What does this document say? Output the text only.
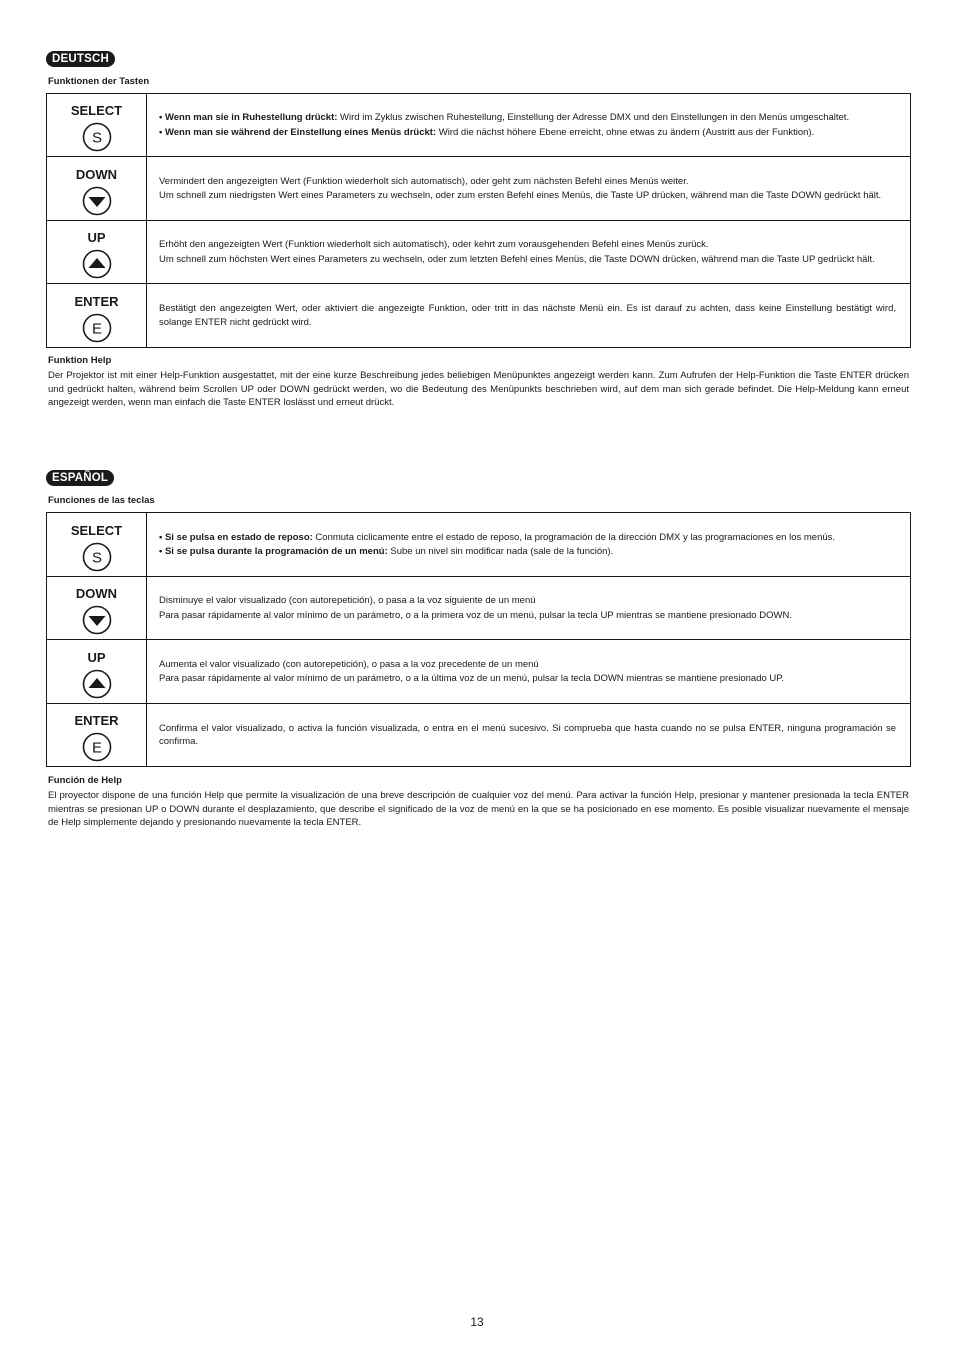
DEUTSCH
Funktionen der Tasten
SELECT
S	• Wenn man sie in Ruhestellung drückt: Wird im Zyklus zwischen Ruhestellung, Einstellung der Adresse DMX und den Einstellungen in den Menüs umgeschaltet.
• Wenn man sie während der Einstellung eines Menüs drückt: Wird die nächst höhere Ebene erreicht, ohne etwas zu ändern (Austritt aus der Funktion).

DOWN	Vermindert den angezeigten Wert (Funktion wiederholt sich automatisch), oder geht zum nächsten Befehl eines Menüs weiter.
Um schnell zum niedrigsten Wert eines Parameters zu wechseln, oder zum ersten Befehl eines Menüs, die Taste UP drücken, während man die Taste DOWN gedrückt hält.

UP	Erhöht den angezeigten Wert (Funktion wiederholt sich automatisch), oder kehrt zum vorausgehenden Befehl eines Menüs zurück.
Um schnell zum höchsten Wert eines Parameters zu wechseln, oder zum letzten Befehl eines Menüs, die Taste DOWN drücken, während man die Taste UP gedrückt hält.

ENTER
E	Bestätigt den angezeigten Wert, oder aktiviert die angezeigte Funktion, oder tritt in das nächste Menü ein. Es ist darauf zu achten, dass keine Einstellung bestätigt wird, solange ENTER nicht gedrückt wird.
Funktion Help
Der Projektor ist mit einer Help-Funktion ausgestattet, mit der eine kurze Beschreibung jedes beliebigen Menüpunktes angezeigt werden kann. Zum Aufrufen der Help-Funktion die Taste ENTER drücken und gedrückt halten, während beim Scrollen UP oder DOWN gedrückt werden, wo die Bedeutung des Menüpunkts beschrieben wird, auf dem man sich gerade befindet. Die Help-Meldung kann erneut angezeigt werden, wenn man einfach die Taste ENTER loslässt und erneut drückt.
ESPAÑOL
Funciones de las teclas
SELECT
S	• Si se pulsa en estado de reposo: Conmuta ciclicamente entre el estado de reposo, la programación de la dirección DMX y las programaciones en los menús.
• Si se pulsa durante la programación de un menú: Sube un nivel sin modificar nada (sale de la función).

DOWN	Disminuye el valor visualizado (con autorepetición), o pasa a la voz siguiente de un menú
Para pasar rápidamente al valor mínimo de un parámetro, o a la primera voz de un menú, pulsar la tecla UP mientras se mantiene presionado DOWN.

UP	Aumenta el valor visualizado (con autorepetición), o pasa a la voz precedente de un menú
Para pasar rápidamente al valor mínimo de un parámetro, o a la última voz de un menú, pulsar la tecla DOWN mientras se mantiene presionado UP.

ENTER
E	Confirma el valor visualizado, o activa la función visualizada, o entra en el menú sucesivo. Si comprueba que hasta cuando no se pulsa ENTER, ninguna programación se confirma.
Función de Help
El proyector dispone de una función Help que permite la visualización de una breve descripción de cualquier voz del menú. Para activar la función Help, presionar y mantener presionada la tecla ENTER mientras se presionan UP o DOWN durante el desplazamiento, que describe el significado de la voz de menú en la que se ha posicionado en ese momento. Es posible visualizar nuevamente el mensaje de Help simplemente dejando y presionando nuevamente la tecla ENTER.
13
